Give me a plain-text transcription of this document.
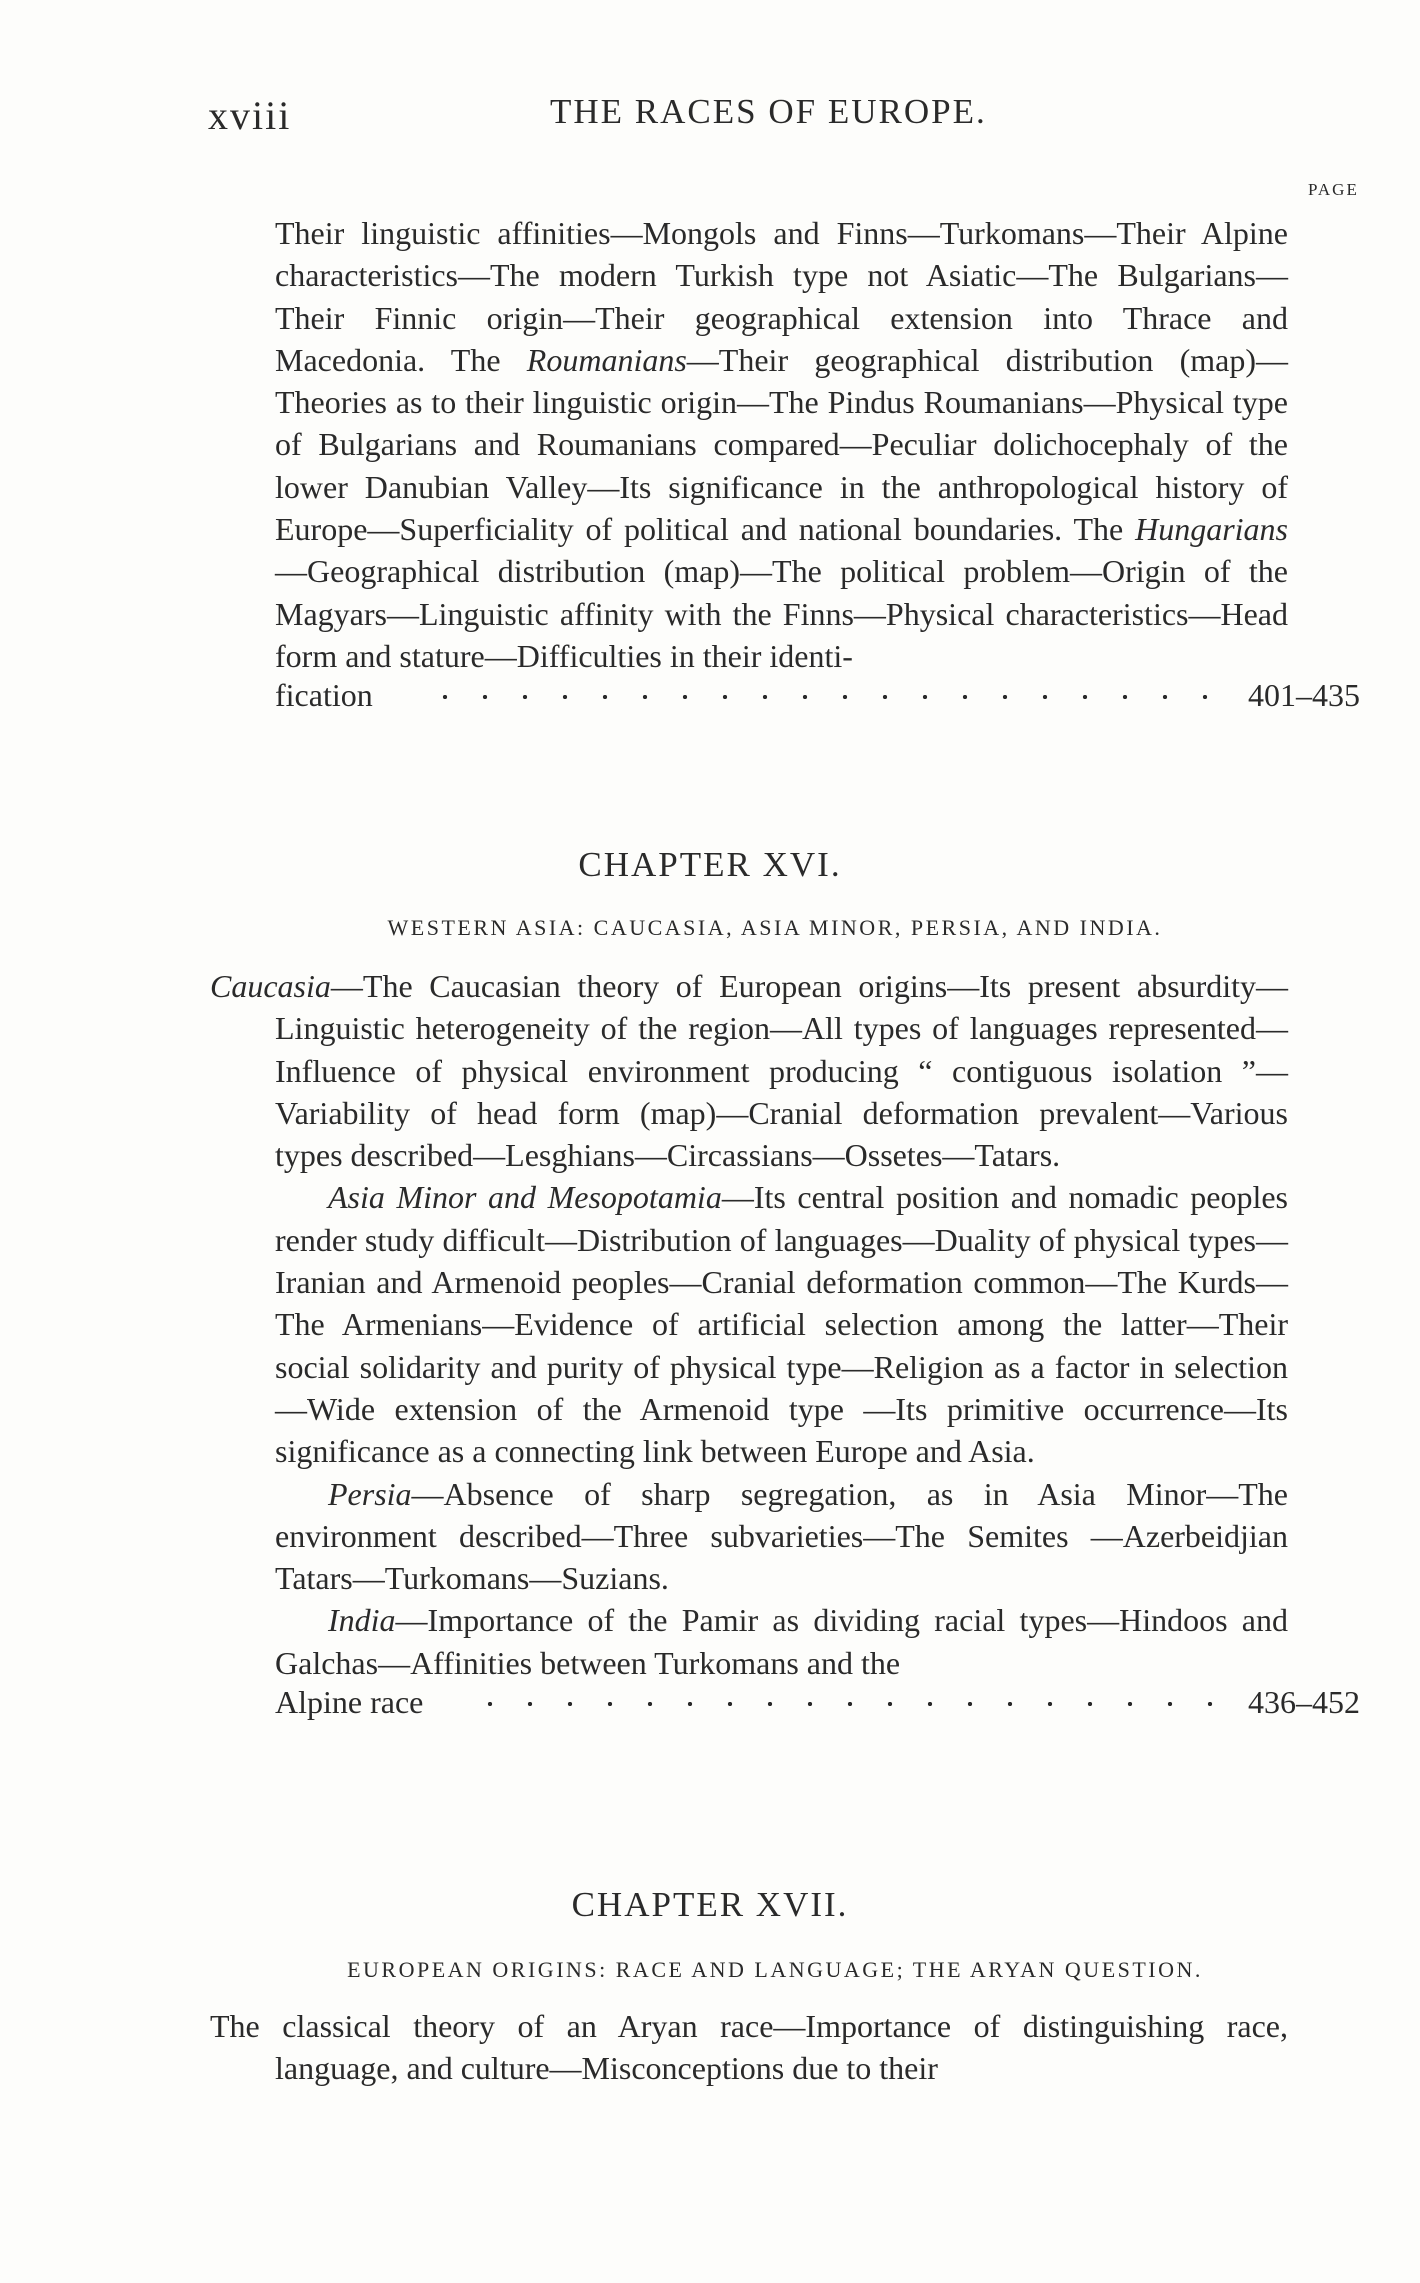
xviii	THE RACES OF EUROPE.
PAGE

Their linguistic affinities—Mongols and Finns—Turkomans—Their Alpine characteristics—The modern Turkish type not Asiatic—The Bulgarians—Their Finnic origin—Their geographical extension into Thrace and Macedonia. The Roumanians—Their geographical distribution (map)—Theories as to their linguistic origin—The Pindus Roumanians—Physical type of Bulgarians and Roumanians compared—Peculiar dolichocephaly of the lower Danubian Valley—Its significance in the anthropological history of Europe—Superficiality of political and national boundaries. The Hungarians—Geographical distribution (map)—The political problem—Origin of the Magyars—Linguistic affinity with the Finns—Physical characteristics—Head form and stature—Difficulties in their identi-

fication	401–435
CHAPTER XVI.
WESTERN ASIA: CAUCASIA, ASIA MINOR, PERSIA, AND INDIA.

Caucasia—The Caucasian theory of European origins—Its present absurdity—Linguistic heterogeneity of the region—All types of languages represented—Influence of physical environment producing “ contiguous isolation ”—Variability of head form (map)—Cranial deformation prevalent—Various types described—Lesghians—Circassians—Ossetes—Tatars.

Asia Minor and Mesopotamia—Its central position and nomadic peoples render study difficult—Distribution of languages—Duality of physical types—Iranian and Armenoid peoples—Cranial deformation common—The Kurds—The Armenians—Evidence of artificial selection among the latter—Their social solidarity and purity of physical type—Religion as a factor in selection—Wide extension of the Armenoid type —Its primitive occurrence—Its significance as a connecting link between Europe and Asia.

Persia—Absence of sharp segregation, as in Asia Minor—The environment described—Three subvarieties—The Semites —Azerbeidjian Tatars—Turkomans—Suzians.

India—Importance of the Pamir as dividing racial types—Hindoos and Galchas—Affinities between Turkomans and the

Alpine race	436–452
CHAPTER XVII.
EUROPEAN ORIGINS: RACE AND LANGUAGE; THE ARYAN QUESTION.

The classical theory of an Aryan race—Importance of distinguishing race, language, and culture—Misconceptions due to their
